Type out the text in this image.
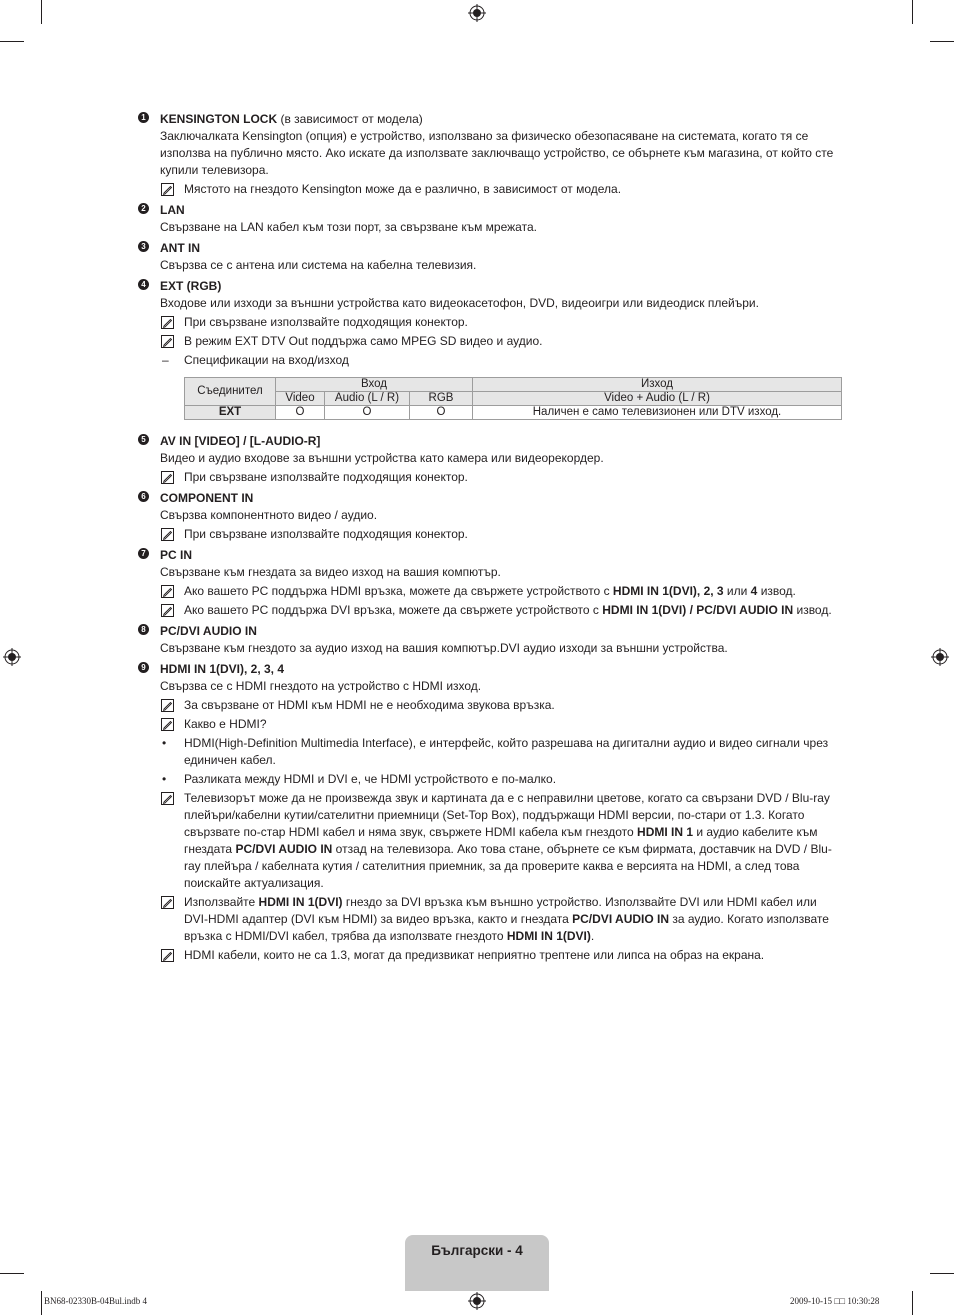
1 KENSINGTON LOCK (в зависимост от модела)
Заключалката Kensington (опция) е устройство, използвано за физическо обезопасяване на системата, когато тя се използва на публично място. Ако искате да използвате заключващо устройство, се обърнете към магазина, от който сте купили телевизора.
Мястото на гнездото Kensington може да е различно, в зависимост от модела.
2 LAN
Свързване на LAN кабел към този порт, за свързване към мрежата.
3 ANT IN
Свързва се с антена или система на кабелна телевизия.
4 EXT (RGB)
Входове или изходи за външни устройства като видеокасетофон, DVD, видеоигри или видеодиск плейъри.
При свързване използвайте подходящия конектор.
В режим EXT DTV Out поддържа само MPEG SD видео и аудио.
– Спецификации на вход/изход
Съединител	Вход			Изход
	Video	Audio (L / R)	RGB	Video + Audio (L / R)
EXT	O	O	O	Наличен е само телевизионен или DTV изход.
5 AV IN [VIDEO] / [L-AUDIO-R]
Видео и аудио входове за външни устройства като камера или видеорекордер.
При свързване използвайте подходящия конектор.
6 COMPONENT IN
Свързва компонентното видео / аудио.
При свързване използвайте подходящия конектор.
7 PC IN
Свързване към гнездата за видео изход на вашия компютър.
Ако вашето PC поддържа HDMI връзка, можете да свържете устройството с HDMI IN 1(DVI), 2, 3 или 4 извод.
Ако вашето PC поддържа DVI връзка, можете да свържете устройството с HDMI IN 1(DVI) / PC/DVI AUDIO IN извод.
8 PC/DVI AUDIO IN
Свързване към гнездото за аудио изход на вашия компютър.DVI аудио изходи за външни устройства.
9 HDMI IN 1(DVI), 2, 3, 4
Свързва се с HDMI гнездото на устройство с HDMI изход.
За свързване от HDMI към HDMI не е необходима звукова връзка.
Какво е HDMI?
• HDMI(High-Definition Multimedia Interface), е интерфейс, който разрешава на дигитални аудио и видео сигнали чрез единичен кабел.
• Разликата между HDMI и DVI е, че HDMI устройството е по-малко.
Телевизорът може да не произвежда звук и картината да е с неправилни цветове, когато са свързани DVD / Blu-ray плейъри/кабелни кутии/сателитни приемници (Set-Top Box), поддържащи HDMI версии, по-стари от 1.3. Когато свързвате по-стар HDMI кабел и няма звук, свържете HDMI кабела към гнездото HDMI IN 1 и аудио кабелите към гнездата PC/DVI AUDIO IN отзад на телевизора. Ако това стане, обърнете се към фирмата, доставчик на DVD / Blu-ray плейъра / кабелната кутия / сателитния приемник, за да проверите каква е версията на HDMI, а след това поискайте актуализация.
Използвайте HDMI IN 1(DVI) гнездо за DVI връзка към външно устройство. Използвайте DVI или HDMI кабел или DVI-HDMI адаптер (DVI към HDMI) за видео връзка, както и гнездата PC/DVI AUDIO IN за аудио. Когато използвате връзка с HDMI/DVI кабел, трябва да използвате гнездото HDMI IN 1(DVI).
HDMI кабели, които не са 1.3, могат да предизвикат неприятно трептене или липса на образ на екрана.
Български - 4
BN68-02330B-04Bul.indb 4	2009-10-15 □□ 10:30:28
